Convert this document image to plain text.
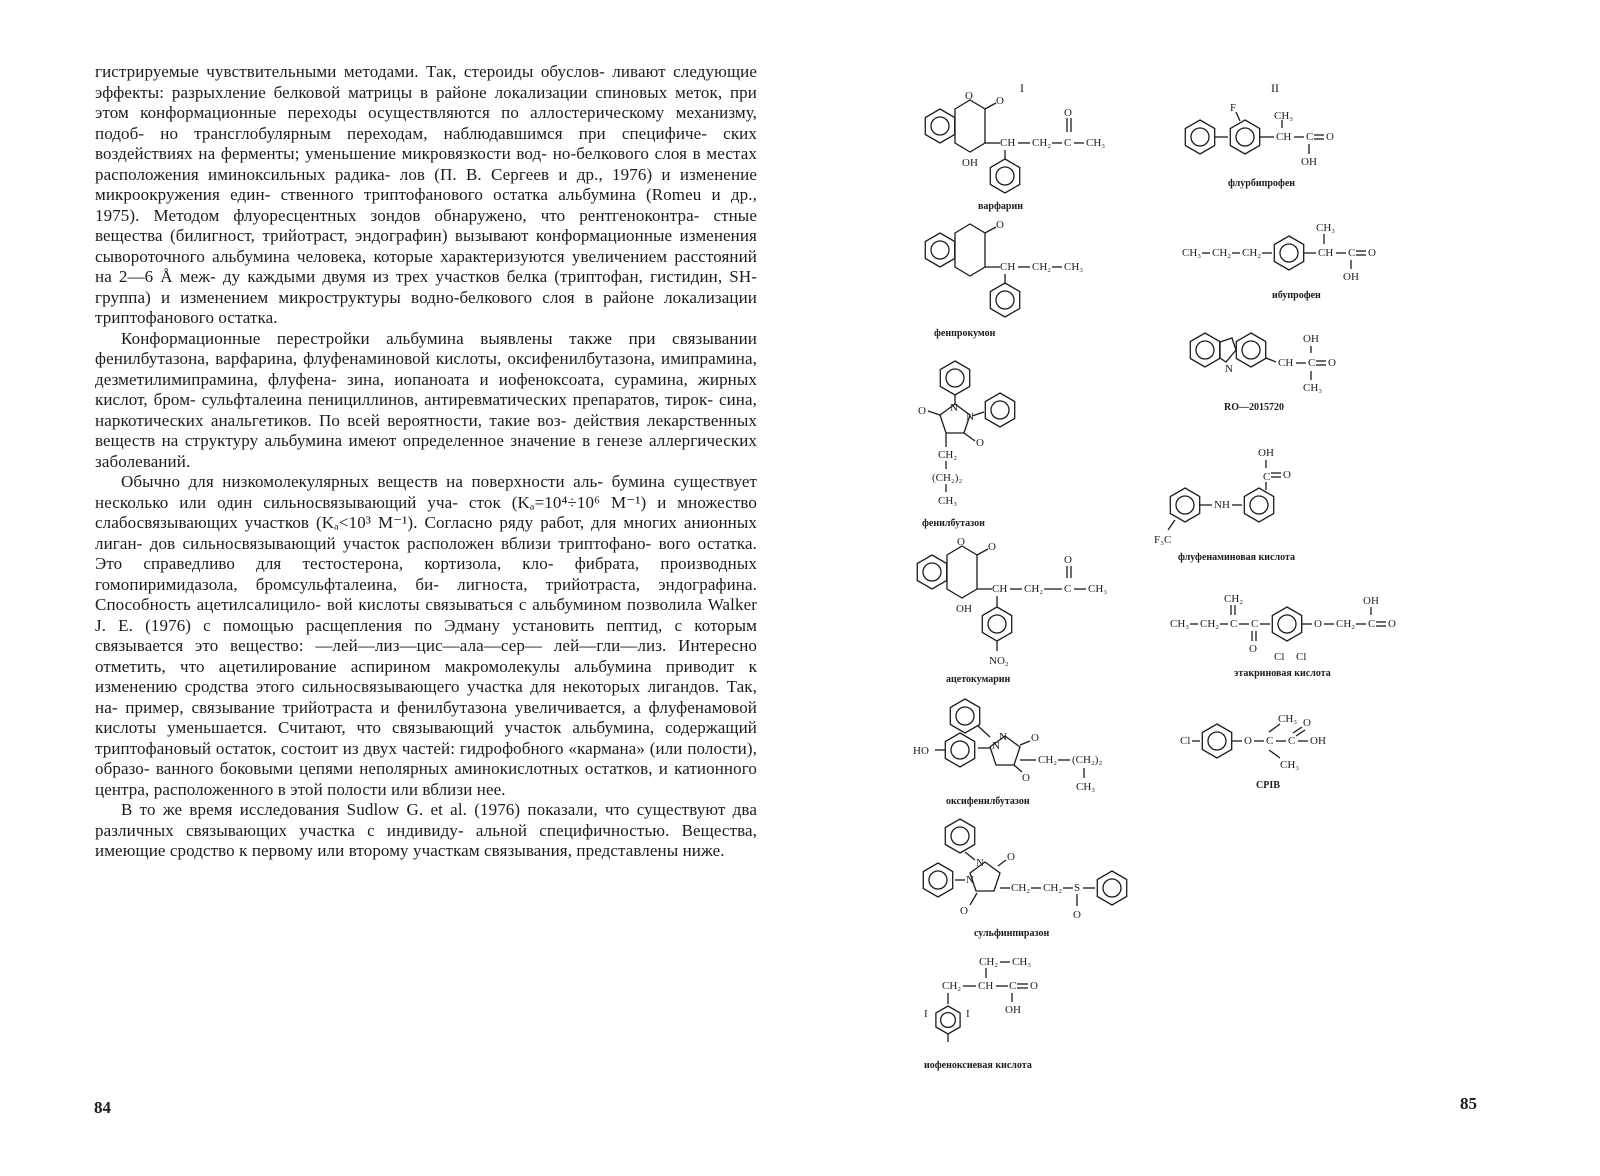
гистрируемые чувствительными методами. Так, стероиды обуслов- ливают следующие эффекты: разрыхление белковой матрицы в районе локализации спиновых меток, при этом конформационные переходы осуществляются по аллостерическому механизму, подоб- но трансглобулярным переходам, наблюдавшимся при специфиче- ских воздействиях на ферменты; уменьшение микровязкости вод- но-белкового слоя в местах расположения иминоксильных радика- лов (П. В. Сергеев и др., 1976) и изменение микроокружения един- ственного триптофанового остатка альбумина (Romeu и др., 1975). Методом флуоресцентных зондов обнаружено, что рентгеноконтра- стные вещества (билигност, трийотраст, эндографин) вызывают конформационные изменения сывороточного альбумина человека, которые характеризуются увеличением расстояний на 2—6 Å меж- ду каждыми двумя из трех участков белка (триптофан, гистидин, SH-группа) и изменением микроструктуры водно-белкового слоя в районе локализации триптофанового остатка.

Конформационные перестройки альбумина выявлены также при связывании фенилбутазона, варфарина, флуфенаминовой кислоты, оксифенилбутазона, имипрамина, дезметилимипрамина, флуфена- зина, иопаноата и иофеноксоата, сурамина, жирных кислот, бром- сульфталеина пенициллинов, антиревматических препаратов, тирок- сина, наркотических анальгетиков. По всей вероятности, такие воз- действия лекарственных веществ на структуру альбумина имеют определенное значение в генезе аллергических заболеваний.

Обычно для низкомолекулярных веществ на поверхности аль- бумина существует несколько или один сильносвязывающий уча- сток (Kₐ=10⁴÷10⁶ М⁻¹) и множество слабосвязывающих участков (Kₐ<10³ М⁻¹). Согласно ряду работ, для многих анионных лиган- дов сильносвязывающий участок расположен вблизи триптофано- вого остатка. Это справедливо для тестостерона, кортизола, кло- фибрата, производных гомопиримидазола, бромсульфталеина, би- лигноста, трийотраста, эндографина. Способность ацетилсалицило- вой кислоты связываться с альбумином позволила Walker J. E. (1976) с помощью расщепления по Эдману установить пептид, с которым связывается это вещество: —лей—лиз—цис—ала—сер— лей—гли—лиз. Интересно отметить, что ацетилирование аспирином макромолекулы альбумина приводит к изменению сродства этого сильносвязывающего участка для некоторых лигандов. Так, на- пример, связывание трийотраста и фенилбутазона увеличивается, а флуфенамовой кислоты уменьшается. Считают, что связывающий участок альбумина, содержащий триптофановый остаток, состоит из двух частей: гидрофобного «кармана» (или полости), образо- ванного боковыми цепями неполярных аминокислотных остатков, и катионного центра, расположенного в этой полости или вблизи нее.

В то же время исследования Sudlow G. et al. (1976) показали, что существуют два различных связывающих участка с индивиду- альной специфичностью. Вещества, имеющие сродство к первому или второму участкам связывания, представлены ниже.

84
I	II
O O
OH
CH CH₂ C
O
CH₃
варфарин
O
CH CH₂ CH₃
фенпрокумон
N
N
O
O
CH₂
(CH₂)₂
CH₃
фенилбутазон
O O
OH
CH CH₂ C
O
CH₃
NO₂
ацетокумарин
N
N
HO
O
O
CH₂ (CH₂)₂
CH₃
оксифенилбутазон
N
N
O
O
CH₂ CH₂ S
O
сульфинпиразон
CH₂ CH₃
CH₂ CH C O
OH
I	I
иофеноксиевая кислота
F
CH
CH₃
C O
OH
флурбипрофен
CH₃ CH₂ CH₂	CH
CH₃
C O
OH
ибупрофен
N	CH C
OH
O
CH₃
RO—2015720
NH
C O
OH
F₃C
флуфенаминовая кислота
CH₃ CH₂ C
CH₂
C
O
Cl Cl
O CH₂ C O
OH
этакриновая кислота
Cl	O C
CH₃
CH₃
C
O
OH
CPIB
85
